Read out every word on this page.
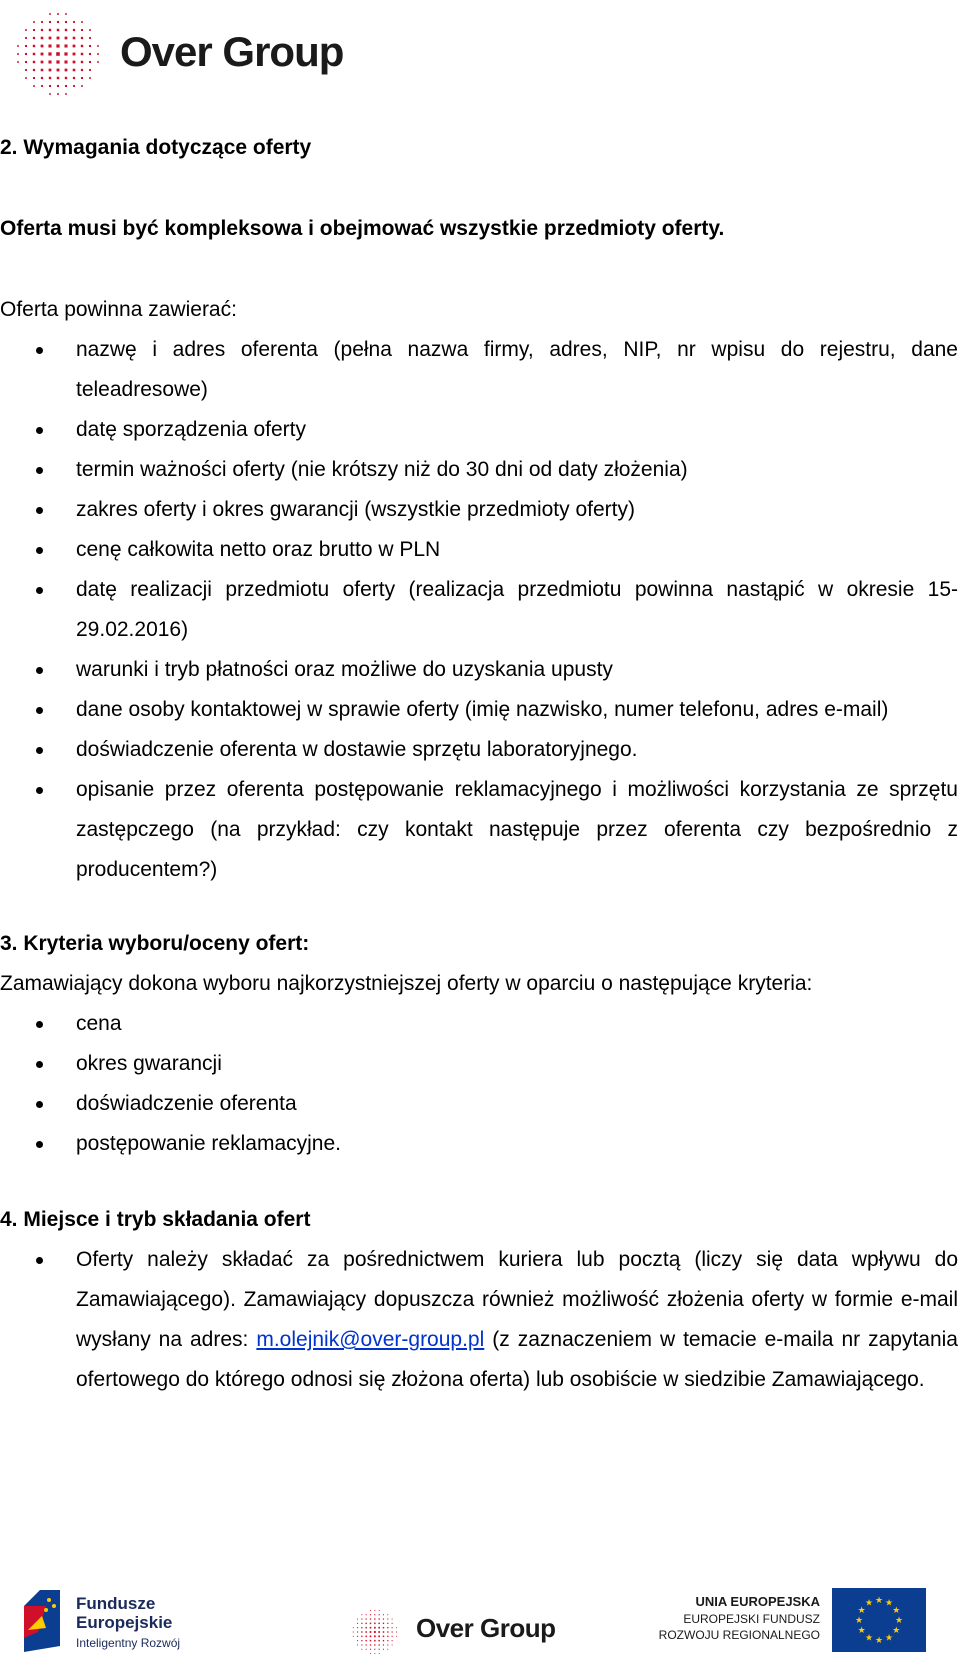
Over Group
2. Wymagania dotyczące oferty

Oferta musi być kompleksowa i obejmować wszystkie przedmioty oferty.

Oferta powinna zawierać:

nazwę i adres oferenta (pełna nazwa firmy, adres, NIP, nr wpisu do rejestru, dane teleadresowe)
datę sporządzenia oferty
termin ważności oferty (nie krótszy niż do 30 dni od daty złożenia)
zakres oferty i okres gwarancji (wszystkie przedmioty oferty)
cenę całkowita netto oraz brutto w PLN
datę realizacji przedmiotu oferty (realizacja przedmiotu powinna nastąpić w okresie 15-29.02.2016)
warunki i tryb płatności oraz możliwe do uzyskania upusty
dane osoby kontaktowej w sprawie oferty (imię nazwisko, numer telefonu, adres e-mail)
doświadczenie oferenta w dostawie sprzętu laboratoryjnego.
opisanie przez oferenta postępowanie reklamacyjnego i możliwości korzystania ze sprzętu zastępczego (na przykład: czy kontakt następuje przez oferenta czy bezpośrednio z producentem?)
3. Kryteria wyboru/oceny ofert:

Zamawiający dokona wyboru najkorzystniejszej oferty w oparciu o następujące kryteria:

cena
okres gwarancji
doświadczenie oferenta
postępowanie reklamacyjne.
4. Miejsce i tryb składania ofert
Oferty należy składać za pośrednictwem kuriera lub pocztą (liczy się data wpływu do Zamawiającego). Zamawiający dopuszcza również możliwość złożenia oferty w formie e-mail wysłany na adres: m.olejnik@over-group.pl (z zaznaczeniem w temacie e-maila nr zapytania ofertowego do którego odnosi się złożona oferta) lub osobiście w siedzibie Zamawiającego.
Fundusze
Europejskie
Inteligentny Rozwój	Over Group
UNIA EUROPEJSKA
EUROPEJSKI FUNDUSZ
ROZWOJU REGIONALNEGO
★
★
★
★
★
★
★
★
★ ★ ★
★
